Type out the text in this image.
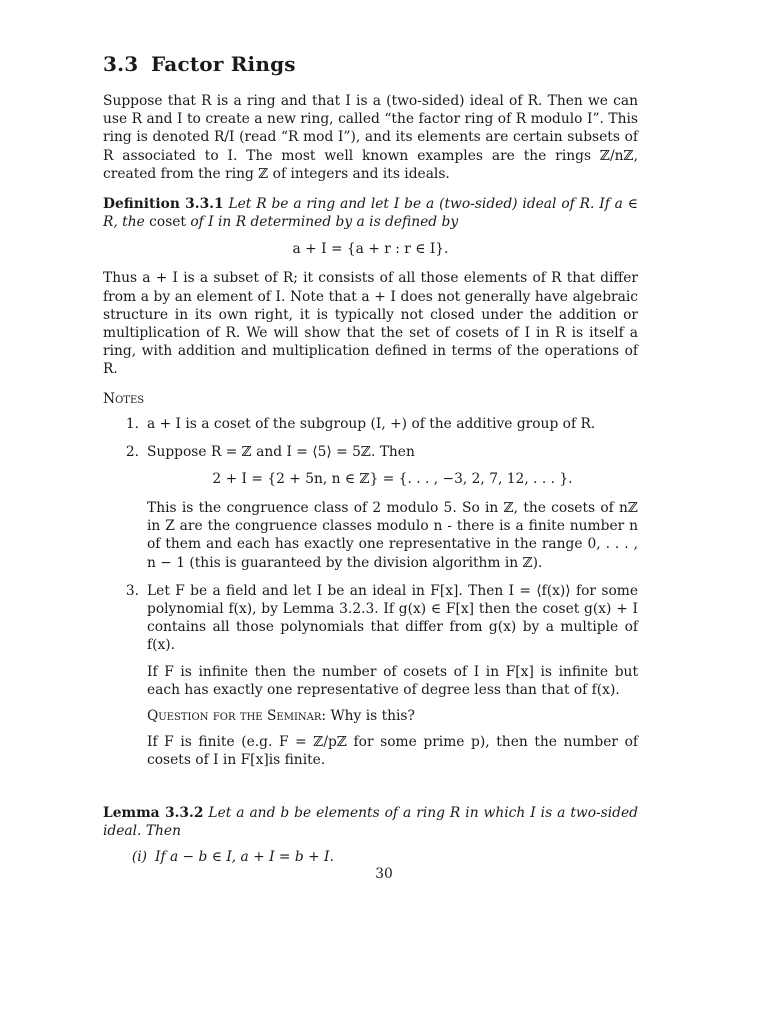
3.3 Factor Rings

Suppose that R is a ring and that I is a (two-sided) ideal of R. Then we can use R and I to create a new ring, called “the factor ring of R modulo I”. This ring is denoted R/I (read “R mod I”), and its elements are certain subsets of R associated to I. The most well known examples are the rings ℤ/nℤ, created from the ring ℤ of integers and its ideals.

Definition 3.3.1 Let R be a ring and let I be a (two-sided) ideal of R. If a ∈ R, the coset of I in R determined by a is defined by

a + I = {a + r : r ∈ I}.

Thus a + I is a subset of R; it consists of all those elements of R that differ from a by an element of I. Note that a + I does not generally have algebraic structure in its own right, it is typically not closed under the addition or multiplication of R. We will show that the set of cosets of I in R is itself a ring, with addition and multiplication defined in terms of the operations of R.

Notes
1. a + I is a coset of the subgroup (I, +) of the additive group of R.

2. Suppose R = ℤ and I = ⟨5⟩ = 5ℤ. Then

2 + I = {2 + 5n, n ∈ ℤ} = {. . . , −3, 2, 7, 12, . . . }.

This is the congruence class of 2 modulo 5. So in ℤ, the cosets of nℤ in Z are the congruence classes modulo n - there is a finite number n of them and each has exactly one representative in the range 0, . . . , n − 1 (this is guaranteed by the division algorithm in ℤ).

3. Let F be a field and let I be an ideal in F[x]. Then I = ⟨f(x)⟩ for some polynomial f(x), by Lemma 3.2.3. If g(x) ∈ F[x] then the coset g(x) + I contains all those polynomials that differ from g(x) by a multiple of f(x).

If F is infinite then the number of cosets of I in F[x] is infinite but each has exactly one representative of degree less than that of f(x).

Question for the Seminar: Why is this?

If F is finite (e.g. F = ℤ/pℤ for some prime p), then the number of cosets of I in F[x]is finite.

Lemma 3.3.2 Let a and b be elements of a ring R in which I is a two-sided ideal. Then

(i) If a − b ∈ I, a + I = b + I.

30
